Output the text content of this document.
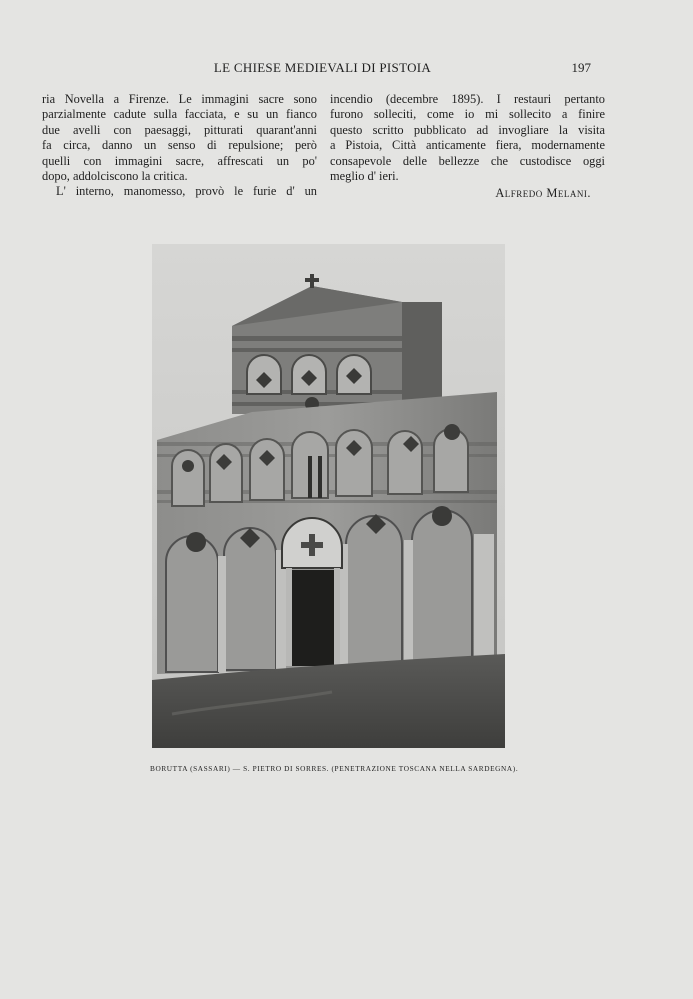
LE CHIESE MEDIEVALI DI PISTOIA	197
ria Novella a Firenze. Le immagini sacre sono
parzialmente cadute sulla facciata, e su un fianco
due avelli con paesaggi, pitturati quarant'anni
fa circa, danno un senso di repulsione; però
quelli con immagini sacre, affrescati un po'
dopo, addolciscono la critica.
L' interno, manomesso, provò le furie d' un
incendio (decembre 1895). I restauri pertanto
furono solleciti, come io mi sollecito a finire
questo scritto pubblicato ad invogliare la visita
a Pistoia, Città anticamente fiera, modernamente
consapevole delle bellezze che custodisce oggi
meglio d' ieri.
Alfredo Melani.
BORUTTA (SASSARI) — S. PIETRO DI SORRES. (PENETRAZIONE TOSCANA NELLA SARDEGNA).
